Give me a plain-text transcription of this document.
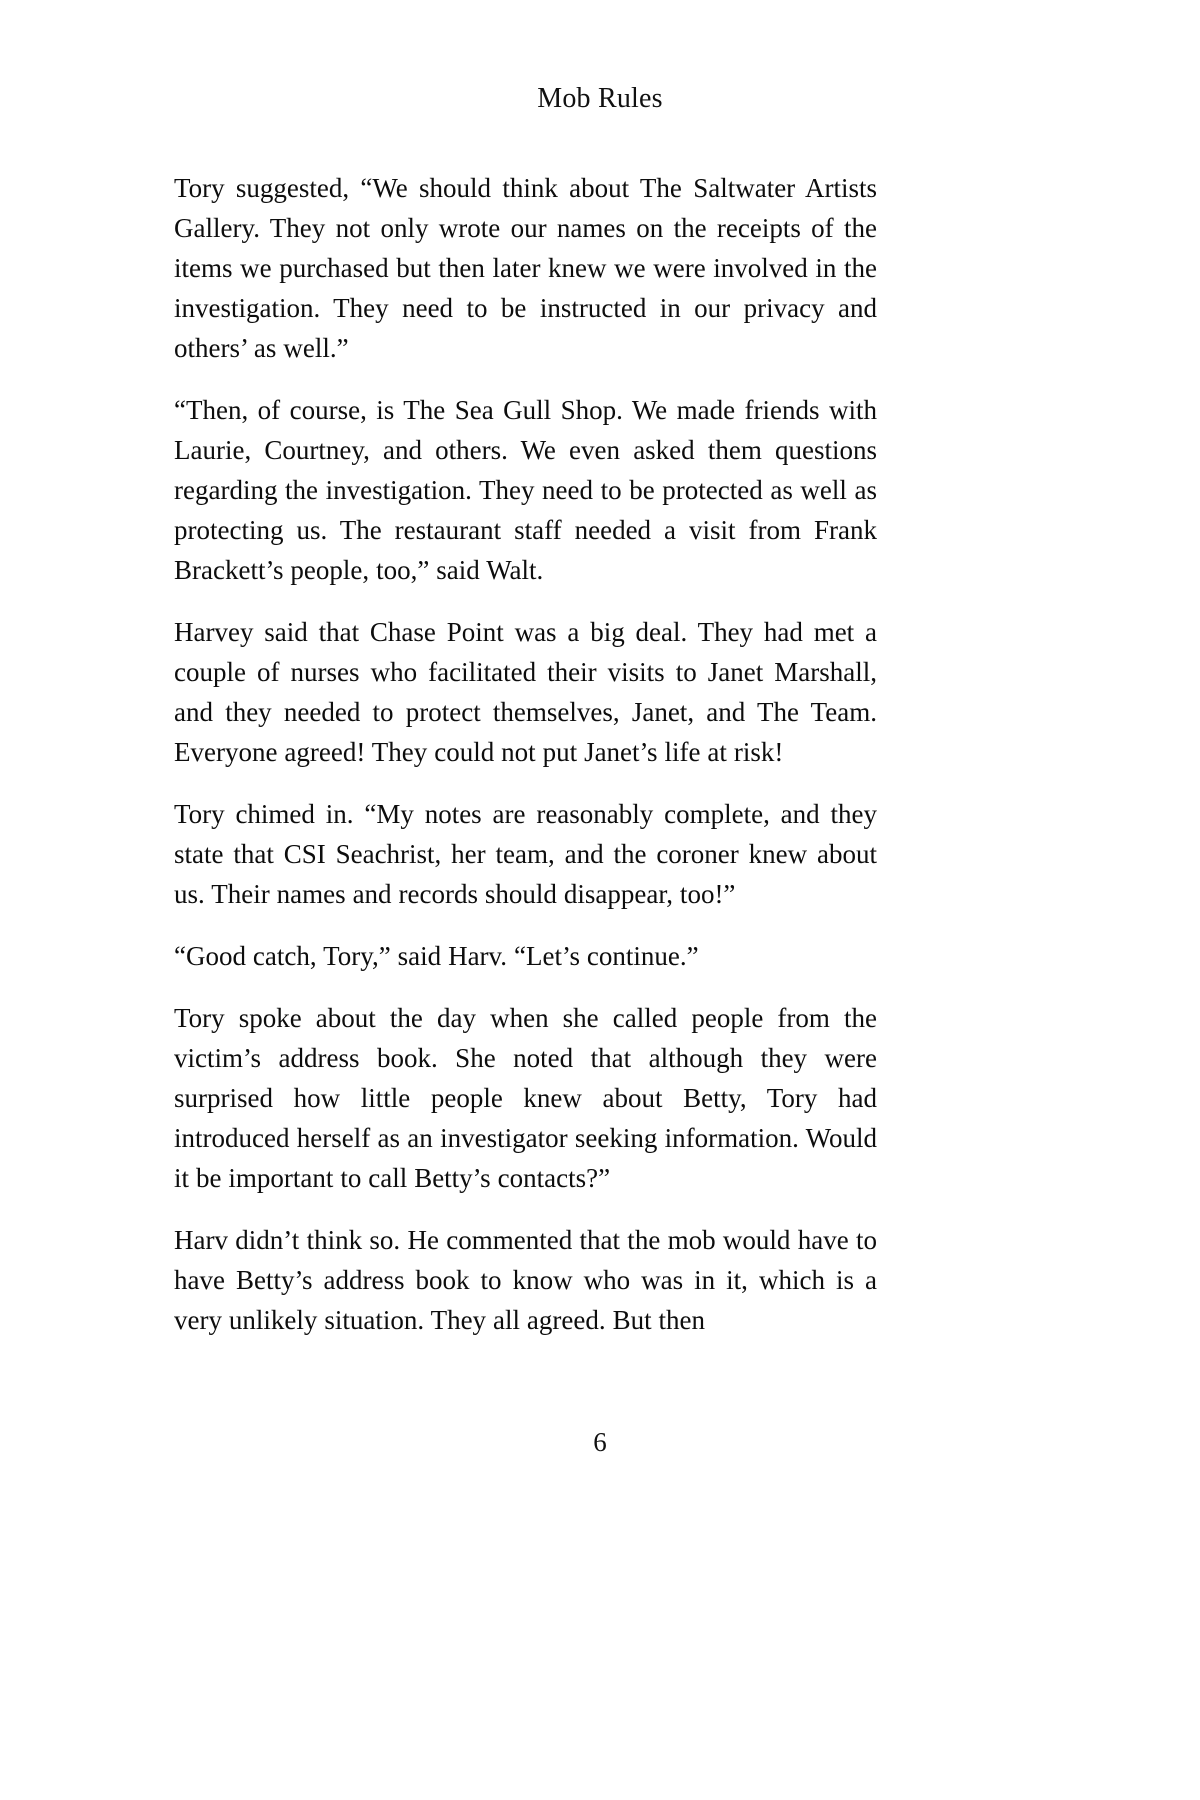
Mob Rules

Tory suggested, “We should think about The Saltwater Artists Gallery. They not only wrote our names on the receipts of the items we purchased but then later knew we were involved in the investigation. They need to be instructed in our privacy and others’ as well.”

“Then, of course, is The Sea Gull Shop. We made friends with Laurie, Courtney, and others. We even asked them questions regarding the investigation. They need to be protected as well as protecting us. The restaurant staff needed a visit from Frank Brackett’s people, too,” said Walt.

Harvey said that Chase Point was a big deal. They had met a couple of nurses who facilitated their visits to Janet Marshall, and they needed to protect themselves, Janet, and The Team. Everyone agreed! They could not put Janet’s life at risk!

Tory chimed in. “My notes are reasonably complete, and they state that CSI Seachrist, her team, and the coroner knew about us. Their names and records should disappear, too!”

“Good catch, Tory,” said Harv. “Let’s continue.”

Tory spoke about the day when she called people from the victim’s address book. She noted that although they were surprised how little people knew about Betty, Tory had introduced herself as an investigator seeking information. Would it be important to call Betty’s contacts?”

Harv didn’t think so. He commented that the mob would have to have Betty’s address book to know who was in it, which is a very unlikely situation. They all agreed. But then

6
